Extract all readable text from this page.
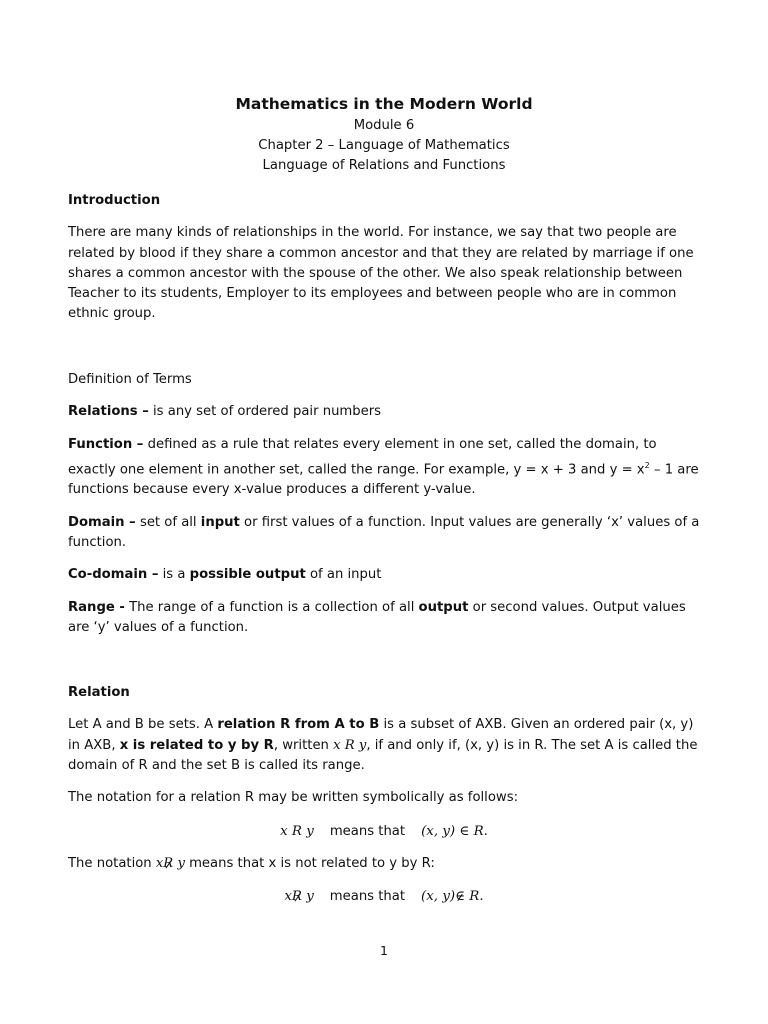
Mathematics in the Modern World

Module 6

Chapter 2 – Language of Mathematics

Language of Relations and Functions

Introduction

There are many kinds of relationships in the world. For instance, we say that two people are related by blood if they share a common ancestor and that they are related by marriage if one shares a common ancestor with the spouse of the other. We also speak relationship between Teacher to its students, Employer to its employees and between people who are in common ethnic group.

Definition of Terms

Relations – is any set of ordered pair numbers

Function – defined as a rule that relates every element in one set, called the domain, to exactly one element in another set, called the range. For example, y = x + 3 and $y = x^2 - 1$ are functions because every x-value produces a different y-value.

Domain – set of all input or first values of a function. Input values are generally ‘x’ values of a function.

Co-domain – is a possible output of an input

Range - The range of a function is a collection of all output or second values. Output values are ‘y’ values of a function.

Relation

Let A and B be sets. A relation R from A to B is a subset of AXB. Given an ordered pair (x, y) in AXB, x is related to y by R, written x R y, if and only if, (x, y) is in R. The set A is called the domain of R and the set B is called its range.

The notation for a relation R may be written symbolically as follows:

x R y means that (x, y) ∈ R.

The notation xR y means that x is not related to y by R:

xR y means that (x, y)∈ R.

1
